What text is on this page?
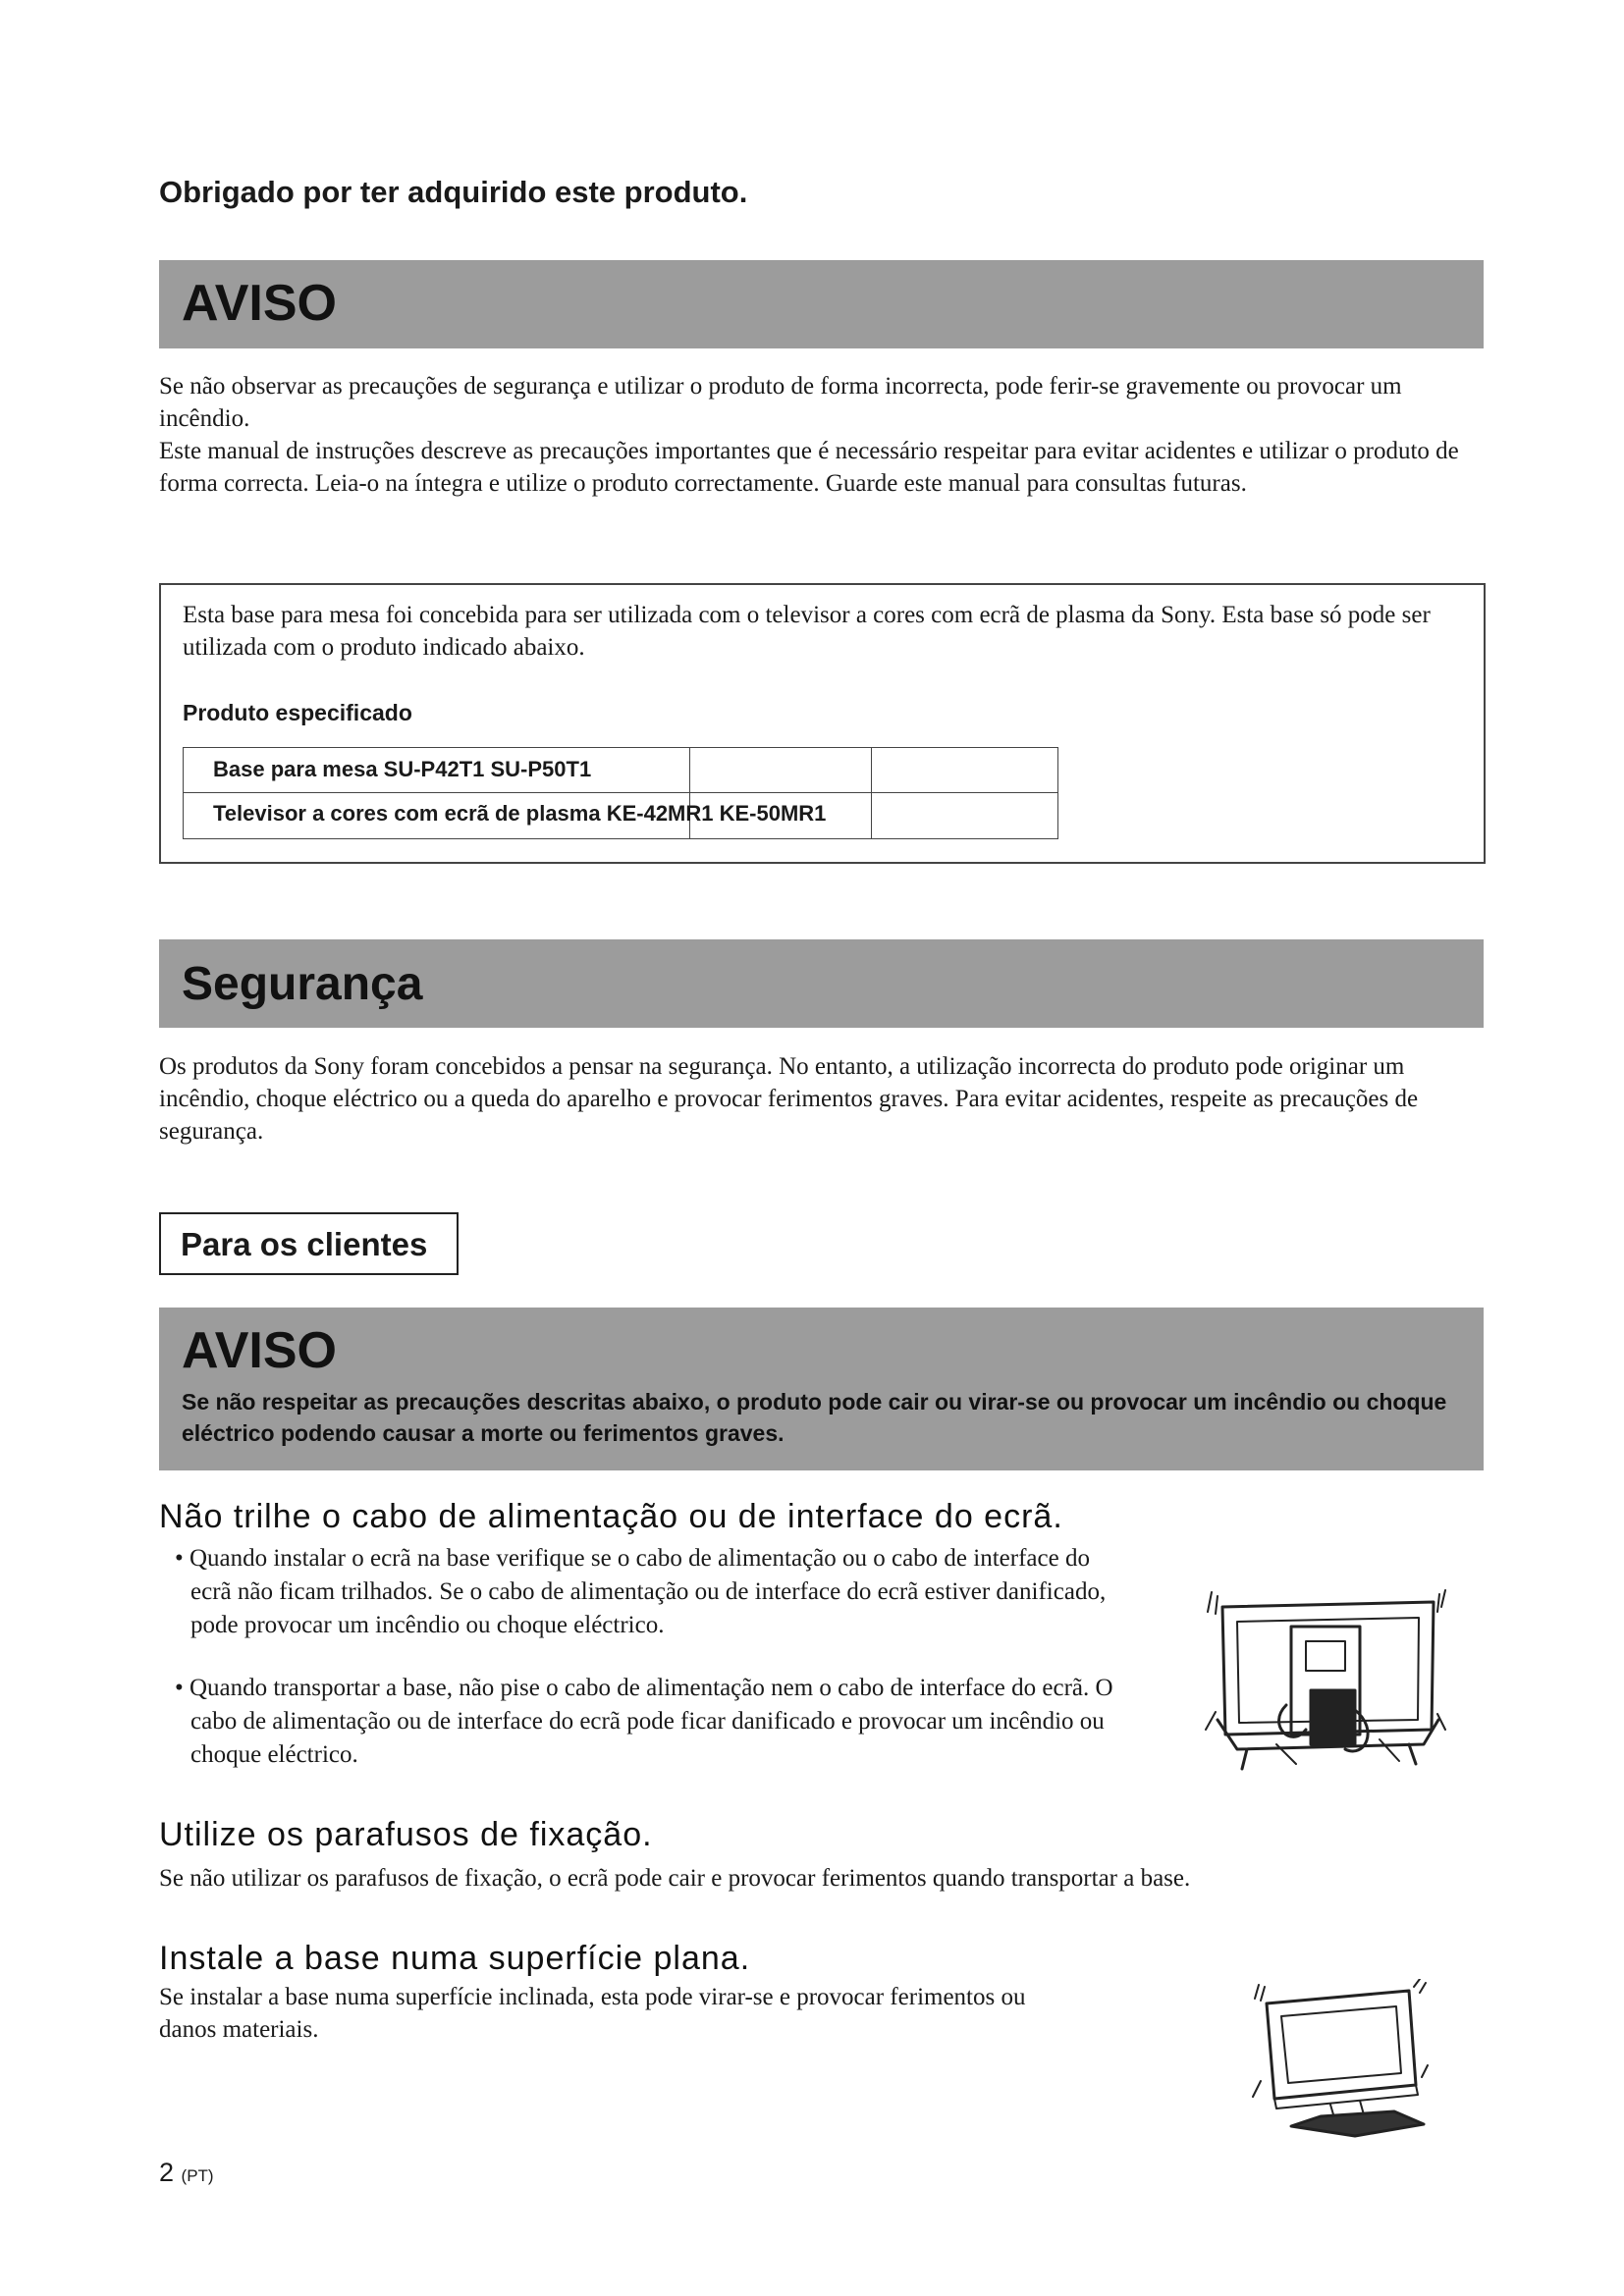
Obrigado por ter adquirido este produto.

AVISO

Se não observar as precauções de segurança e utilizar o produto de forma incorrecta, pode ferir-se gravemente ou provocar um incêndio.

Este manual de instruções descreve as precauções importantes que é necessário respeitar para evitar acidentes e utilizar o produto de forma correcta. Leia-o na íntegra e utilize o produto correctamente. Guarde este manual para consultas futuras.

Esta base para mesa foi concebida para ser utilizada com o televisor a cores com ecrã de plasma da Sony. Esta base só pode ser utilizada com o produto indicado abaixo.

Produto especificado

Base para mesa SU-P42T1 SU-P50T1
Televisor a cores com ecrã de plasma KE-42MR1 KE-50MR1
Segurança

Os produtos da Sony foram concebidos a pensar na segurança. No entanto, a utilização incorrecta do produto pode originar um incêndio, choque eléctrico ou a queda do aparelho e provocar ferimentos graves. Para evitar acidentes, respeite as precauções de segurança.

Para os clientes
AVISO

Se não respeitar as precauções descritas abaixo, o produto pode cair ou virar-se ou provocar um incêndio ou choque eléctrico podendo causar a morte ou ferimentos graves.

Não trilhe o cabo de alimentação ou de interface do ecrã.

• Quando instalar o ecrã na base verifique se o cabo de alimentação ou o cabo de interface do ecrã não ficam trilhados. Se o cabo de alimentação ou de interface do ecrã estiver danificado, pode provocar um incêndio ou choque eléctrico.

• Quando transportar a base, não pise o cabo de alimentação nem o cabo de interface do ecrã. O cabo de alimentação ou de interface do ecrã pode ficar danificado e provocar um incêndio ou choque eléctrico.

Utilize os parafusos de fixação.

Se não utilizar os parafusos de fixação, o ecrã pode cair e provocar ferimentos quando transportar a base.

Instale a base numa superfície plana.

Se instalar a base numa superfície inclinada, esta pode virar-se e provocar ferimentos ou danos materiais.

2 (PT)
